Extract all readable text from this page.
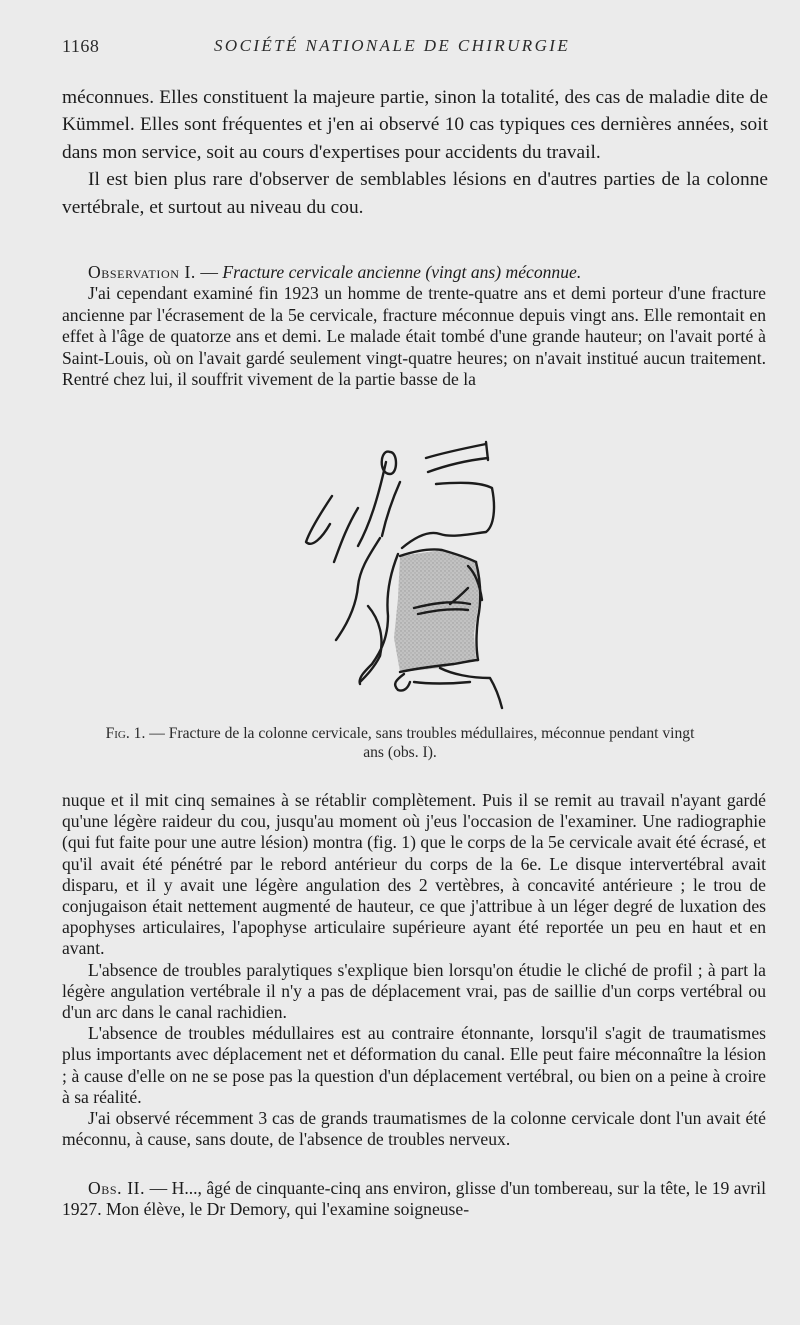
1168	SOCIÉTÉ NATIONALE DE CHIRURGIE

méconnues. Elles constituent la majeure partie, sinon la totalité, des cas de maladie dite de Kümmel. Elles sont fréquentes et j'en ai observé 10 cas typiques ces dernières années, soit dans mon service, soit au cours d'expertises pour accidents du travail.

Il est bien plus rare d'observer de semblables lésions en d'autres parties de la colonne vertébrale, et surtout au niveau du cou.

Observation I. — Fracture cervicale ancienne (vingt ans) méconnue.

J'ai cependant examiné fin 1923 un homme de trente-quatre ans et demi porteur d'une fracture ancienne par l'écrasement de la 5e cervicale, fracture méconnue depuis vingt ans. Elle remontait en effet à l'âge de quatorze ans et demi. Le malade était tombé d'une grande hauteur; on l'avait porté à Saint-Louis, où on l'avait gardé seulement vingt-quatre heures; on n'avait institué aucun traitement. Rentré chez lui, il souffrit vivement de la partie basse de la

Fig. 1. — Fracture de la colonne cervicale, sans troubles médullaires, méconnue pendant vingt ans (obs. I).

nuque et il mit cinq semaines à se rétablir complètement. Puis il se remit au travail n'ayant gardé qu'une légère raideur du cou, jusqu'au moment où j'eus l'occasion de l'examiner. Une radiographie (qui fut faite pour une autre lésion) montra (fig. 1) que le corps de la 5e cervicale avait été écrasé, et qu'il avait été pénétré par le rebord antérieur du corps de la 6e. Le disque intervertébral avait disparu, et il y avait une légère angulation des 2 vertèbres, à concavité antérieure ; le trou de conjugaison était nettement augmenté de hauteur, ce que j'attribue à un léger degré de luxation des apophyses articulaires, l'apophyse articulaire supérieure ayant été reportée un peu en haut et en avant.

L'absence de troubles paralytiques s'explique bien lorsqu'on étudie le cliché de profil ; à part la légère angulation vertébrale il n'y a pas de déplacement vrai, pas de saillie d'un corps vertébral ou d'un arc dans le canal rachidien.

L'absence de troubles médullaires est au contraire étonnante, lorsqu'il s'agit de traumatismes plus importants avec déplacement net et déformation du canal. Elle peut faire méconnaître la lésion ; à cause d'elle on ne se pose pas la question d'un déplacement vertébral, ou bien on a peine à croire à sa réalité.

J'ai observé récemment 3 cas de grands traumatismes de la colonne cervicale dont l'un avait été méconnu, à cause, sans doute, de l'absence de troubles nerveux.

Obs. II. — H..., âgé de cinquante-cinq ans environ, glisse d'un tombereau, sur la tête, le 19 avril 1927. Mon élève, le Dr Demory, qui l'examine soigneuse-
